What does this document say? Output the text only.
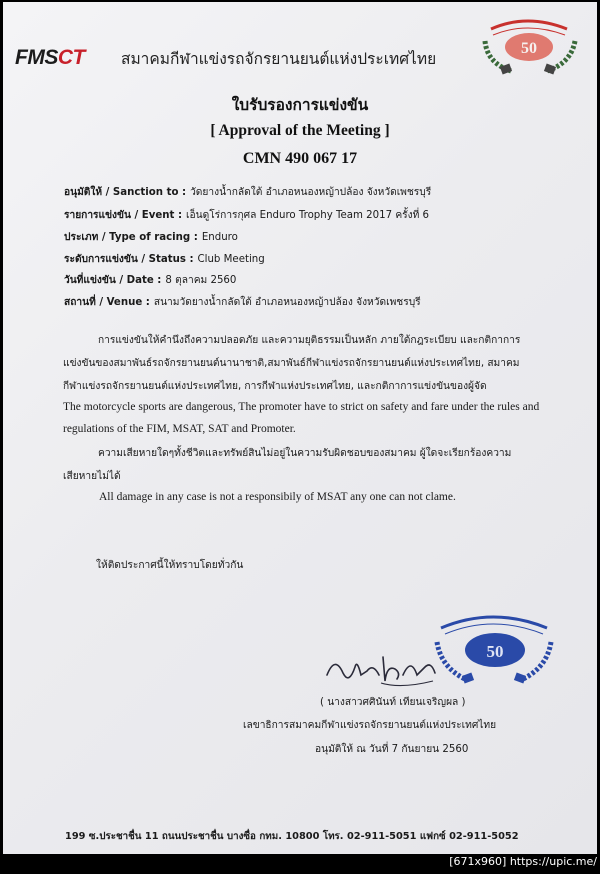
FMSCT สมาคมกีฬาแข่งรถจักรยานยนต์แห่งประเทศไทย
50
ใบรับรองการแข่งขัน
[ Approval of the Meeting ]
CMN 490 067 17
อนุมัติให้ / Sanction to : วัดยางน้ำกลัดใต้ อำเภอหนองหญ้าปล้อง จังหวัดเพชรบุรี
รายการแข่งขัน / Event : เอ็นดูโร่การกุศล Enduro Trophy Team 2017 ครั้งที่ 6
ประเภท / Type of racing : Enduro
ระดับการแข่งขัน / Status : Club Meeting
วันที่แข่งขัน / Date : 8 ตุลาคม 2560
สถานที่ / Venue : สนามวัดยางน้ำกลัดใต้ อำเภอหนองหญ้าปล้อง จังหวัดเพชรบุรี
การแข่งขันให้คำนึงถึงความปลอดภัย และความยุติธรรมเป็นหลัก ภายใต้กฎระเบียบ และกติกาการ
แข่งขันของสมาพันธ์รถจักรยานยนต์นานาชาติ,สมาพันธ์กีฬาแข่งรถจักรยานยนต์แห่งประเทศไทย, สมาคม
กีฬาแข่งรถจักรยานยนต์แห่งประเทศไทย, การกีฬาแห่งประเทศไทย, และกติกาการแข่งขันของผู้จัด
The motorcycle sports are dangerous, The promoter have to strict on safety and fare under the rules and
regulations of the FIM, MSAT, SAT and Promoter.
ความเสียหายใดๆทั้งชีวิตและทรัพย์สินไม่อยู่ในความรับผิดชอบของสมาคม ผู้ใดจะเรียกร้องความ
เสียหายไม่ได้
All damage in any case is not a responsibily of MSAT any one can not clame.
ให้ติดประกาศนี้ให้ทราบโดยทั่วกัน
50
( นางสาวศศินันท์ เทียนเจริญผล )
เลขาธิการสมาคมกีฬาแข่งรถจักรยานยนต์แห่งประเทศไทย
อนุมัติให้ ณ วันที่ 7 กันยายน 2560
199 ซ.ประชาชื่น 11 ถนนประชาชื่น บางซื่อ กทม. 10800 โทร. 02-911-5051 แฟกซ์ 02-911-5052
[671x960] https://upic.me/
